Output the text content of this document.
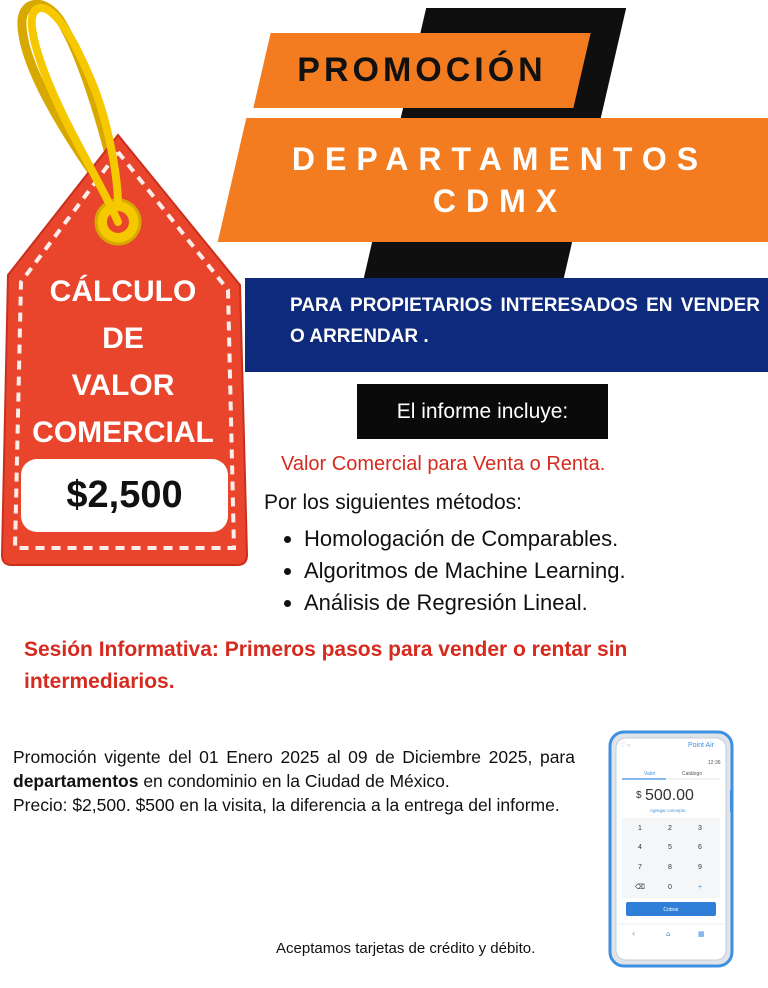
CÁLCULO
DE
VALOR
COMERCIAL
$2,500
PROMOCIÓN
DEPARTAMENTOS
CDMX
PARA PROPIETARIOS INTERESADOS EN VENDER O ARRENDAR .
El informe incluye:
Valor Comercial para Venta o Renta.
Por los siguientes métodos:
• Homologación de Comparables.
• Algoritmos de Machine Learning.
• Análisis de Regresión Lineal.
Sesión Informativa: Primeros pasos para vender o rentar sin intermediarios.

Promoción vigente del 01 Enero 2025 al 09 de Diciembre 2025, para departamentos en condominio en la Ciudad de México.

Precio: $2,500. $500 en la visita, la diferencia a la entrega del informe.

Aceptamos tarjetas de crédito y débito.
♡ ○	Point Air
12:36
Valor	Catálogo
$ 500.00
Agregar concepto
1	2	3
4	5	6
7	8	9
⌫	0	+
Cobrar
‹	⌂	▦
